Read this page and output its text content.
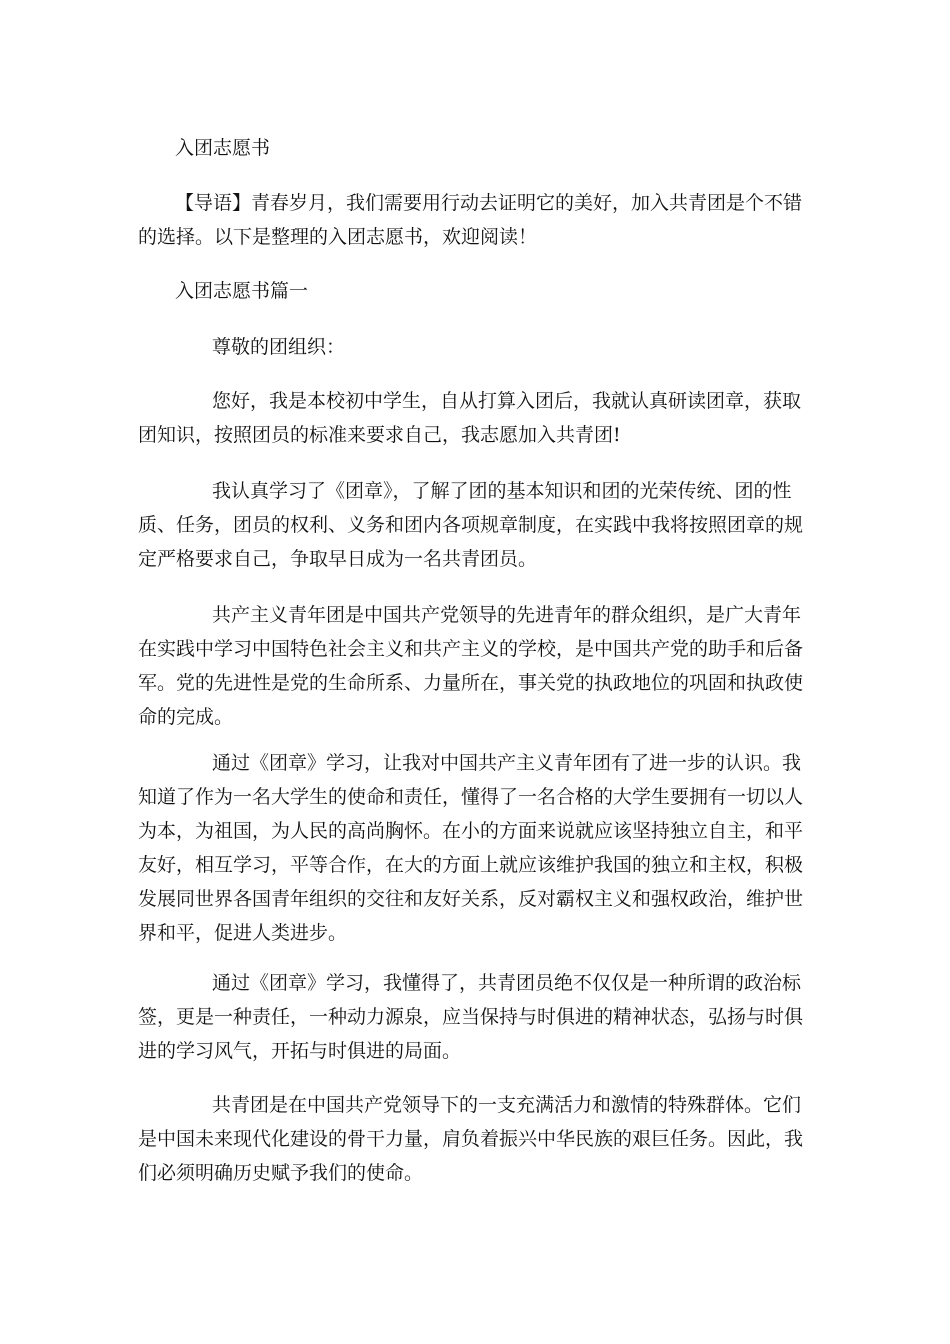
入团志愿书

【导语】青春岁月，我们需要用行动去证明它的美好，加入共青团是个不错的选择。以下是整理的入团志愿书，欢迎阅读！

入团志愿书篇一

尊敬的团组织：

您好，我是本校初中学生，自从打算入团后，我就认真研读团章，获取团知识，按照团员的标准来要求自己，我志愿加入共青团!

我认真学习了《团章》，了解了团的基本知识和团的光荣传统、团的性质、任务，团员的权利、义务和团内各项规章制度，在实践中我将按照团章的规定严格要求自己，争取早日成为一名共青团员。

共产主义青年团是中国共产党领导的先进青年的群众组织，是广大青年在实践中学习中国特色社会主义和共产主义的学校，是中国共产党的助手和后备军。党的先进性是党的生命所系、力量所在，事关党的执政地位的巩固和执政使命的完成。

通过《团章》学习，让我对中国共产主义青年团有了进一步的认识。我知道了作为一名大学生的使命和责任，懂得了一名合格的大学生要拥有一切以人为本，为祖国，为人民的高尚胸怀。在小的方面来说就应该坚持独立自主，和平友好，相互学习，平等合作，在大的方面上就应该维护我国的独立和主权，积极发展同世界各国青年组织的交往和友好关系，反对霸权主义和强权政治，维护世界和平，促进人类进步。

通过《团章》学习，我懂得了，共青团员绝不仅仅是一种所谓的政治标签，更是一种责任，一种动力源泉，应当保持与时俱进的精神状态，弘扬与时俱进的学习风气，开拓与时俱进的局面。

共青团是在中国共产党领导下的一支充满活力和激情的特殊群体。它们是中国未来现代化建设的骨干力量，肩负着振兴中华民族的艰巨任务。因此，我们必须明确历史赋予我们的使命。
